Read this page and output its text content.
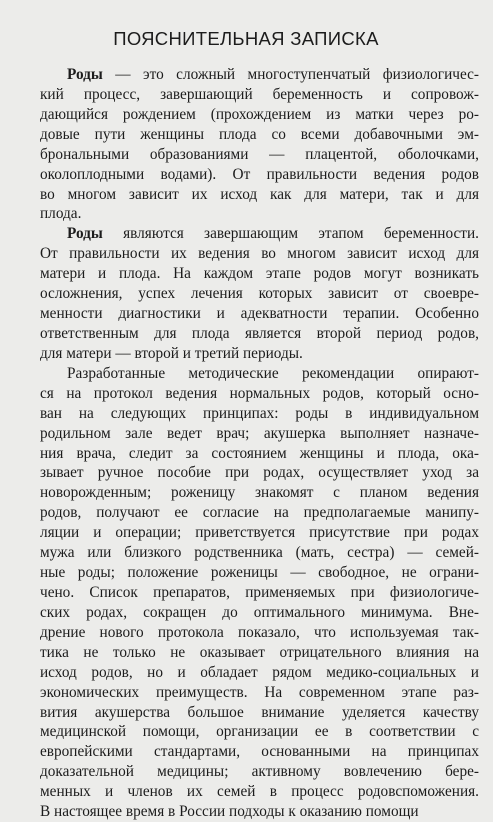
ПОЯСНИТЕЛЬНАЯ ЗАПИСКА
Роды — это сложный многоступенчатый физиологичес-
кий процесс, завершающий беременность и сопровож-
дающийся рождением (прохождением из матки через ро-
довые пути женщины плода со всеми добавочными эм-
брональными образованиями — плацентой, оболочками,
околоплодными водами). От правильности ведения родов
во многом зависит их исход как для матери, так и для
плода.
Роды являются завершающим этапом беременности.
От правильности их ведения во многом зависит исход для
матери и плода. На каждом этапе родов могут возникать
осложнения, успех лечения которых зависит от своевре-
менности диагностики и адекватности терапии. Особенно
ответственным для плода является второй период родов,
для матери — второй и третий периоды.
Разработанные методические рекомендации опирают-
ся на протокол ведения нормальных родов, который осно-
ван на следующих принципах: роды в индивидуальном
родильном зале ведет врач; акушерка выполняет назначе-
ния врача, следит за состоянием женщины и плода, ока-
зывает ручное пособие при родах, осуществляет уход за
новорожденным; роженицу знакомят с планом ведения
родов, получают ее согласие на предполагаемые манипу-
ляции и операции; приветствуется присутствие при родах
мужа или близкого родственника (мать, сестра) — семей-
ные роды; положение роженицы — свободное, не ограни-
чено. Список препаратов, применяемых при физиологиче-
ских родах, сокращен до оптимального минимума. Вне-
дрение нового протокола показало, что используемая так-
тика не только не оказывает отрицательного влияния на
исход родов, но и обладает рядом медико-социальных и
экономических преимуществ. На современном этапе раз-
вития акушерства большое внимание уделяется качеству
медицинской помощи, организации ее в соответствии с
европейскими стандартами, основанными на принципах
доказательной медицины; активному вовлечению бере-
менных и членов их семей в процесс родовспоможения.
В настоящее время в России подходы к оказанию помощи
